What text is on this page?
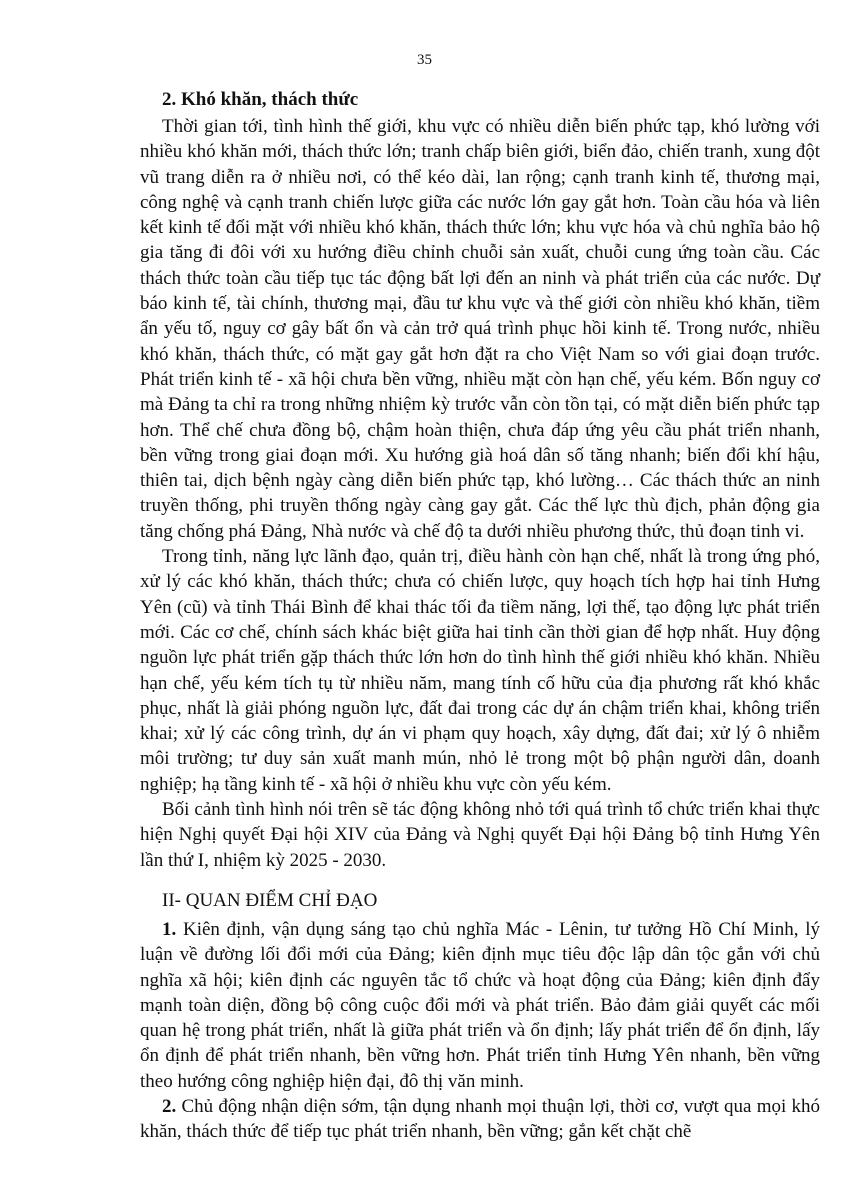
35
2. Khó khăn, thách thức

Thời gian tới, tình hình thế giới, khu vực có nhiều diễn biến phức tạp, khó lường với nhiều khó khăn mới, thách thức lớn; tranh chấp biên giới, biển đảo, chiến tranh, xung đột vũ trang diễn ra ở nhiều nơi, có thể kéo dài, lan rộng; cạnh tranh kinh tế, thương mại, công nghệ và cạnh tranh chiến lược giữa các nước lớn gay gắt hơn. Toàn cầu hóa và liên kết kinh tế đối mặt với nhiều khó khăn, thách thức lớn; khu vực hóa và chủ nghĩa bảo hộ gia tăng đi đôi với xu hướng điều chỉnh chuỗi sản xuất, chuỗi cung ứng toàn cầu. Các thách thức toàn cầu tiếp tục tác động bất lợi đến an ninh và phát triển của các nước. Dự báo kinh tế, tài chính, thương mại, đầu tư khu vực và thế giới còn nhiều khó khăn, tiềm ẩn yếu tố, nguy cơ gây bất ổn và cản trở quá trình phục hồi kinh tế. Trong nước, nhiều khó khăn, thách thức, có mặt gay gắt hơn đặt ra cho Việt Nam so với giai đoạn trước. Phát triển kinh tế - xã hội chưa bền vững, nhiều mặt còn hạn chế, yếu kém. Bốn nguy cơ mà Đảng ta chỉ ra trong những nhiệm kỳ trước vẫn còn tồn tại, có mặt diễn biến phức tạp hơn. Thể chế chưa đồng bộ, chậm hoàn thiện, chưa đáp ứng yêu cầu phát triển nhanh, bền vững trong giai đoạn mới. Xu hướng già hoá dân số tăng nhanh; biến đổi khí hậu, thiên tai, dịch bệnh ngày càng diễn biến phức tạp, khó lường… Các thách thức an ninh truyền thống, phi truyền thống ngày càng gay gắt. Các thế lực thù địch, phản động gia tăng chống phá Đảng, Nhà nước và chế độ ta dưới nhiều phương thức, thủ đoạn tinh vi.

Trong tỉnh, năng lực lãnh đạo, quản trị, điều hành còn hạn chế, nhất là trong ứng phó, xử lý các khó khăn, thách thức; chưa có chiến lược, quy hoạch tích hợp hai tỉnh Hưng Yên (cũ) và tỉnh Thái Bình để khai thác tối đa tiềm năng, lợi thế, tạo động lực phát triển mới. Các cơ chế, chính sách khác biệt giữa hai tỉnh cần thời gian để hợp nhất. Huy động nguồn lực phát triển gặp thách thức lớn hơn do tình hình thế giới nhiều khó khăn. Nhiều hạn chế, yếu kém tích tụ từ nhiều năm, mang tính cố hữu của địa phương rất khó khắc phục, nhất là giải phóng nguồn lực, đất đai trong các dự án chậm triển khai, không triển khai; xử lý các công trình, dự án vi phạm quy hoạch, xây dựng, đất đai; xử lý ô nhiễm môi trường; tư duy sản xuất manh mún, nhỏ lẻ trong một bộ phận người dân, doanh nghiệp; hạ tầng kinh tế - xã hội ở nhiều khu vực còn yếu kém.

Bối cảnh tình hình nói trên sẽ tác động không nhỏ tới quá trình tổ chức triển khai thực hiện Nghị quyết Đại hội XIV của Đảng và Nghị quyết Đại hội Đảng bộ tỉnh Hưng Yên lần thứ I, nhiệm kỳ 2025 - 2030.

II- QUAN ĐIỂM CHỈ ĐẠO

1. Kiên định, vận dụng sáng tạo chủ nghĩa Mác - Lênin, tư tưởng Hồ Chí Minh, lý luận về đường lối đổi mới của Đảng; kiên định mục tiêu độc lập dân tộc gắn với chủ nghĩa xã hội; kiên định các nguyên tắc tổ chức và hoạt động của Đảng; kiên định đẩy mạnh toàn diện, đồng bộ công cuộc đổi mới và phát triển. Bảo đảm giải quyết các mối quan hệ trong phát triển, nhất là giữa phát triển và ổn định; lấy phát triển để ổn định, lấy ổn định để phát triển nhanh, bền vững hơn. Phát triển tỉnh Hưng Yên nhanh, bền vững theo hướng công nghiệp hiện đại, đô thị văn minh.

2. Chủ động nhận diện sớm, tận dụng nhanh mọi thuận lợi, thời cơ, vượt qua mọi khó khăn, thách thức để tiếp tục phát triển nhanh, bền vững; gắn kết chặt chẽ
